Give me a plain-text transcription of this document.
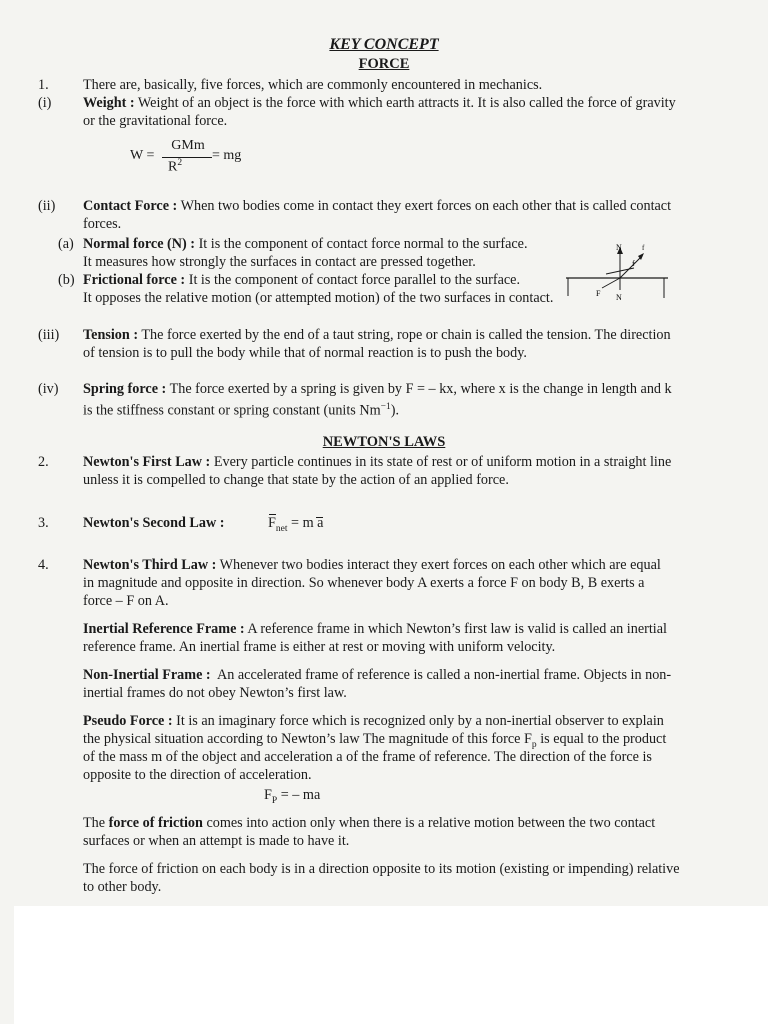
KEY CONCEPT
FORCE
1. There are, basically, five forces, which are commonly encountered in mechanics.
(i) Weight : Weight of an object is the force with which earth attracts it. It is also called the force of gravity
or the gravitational force.
W =
GMm
$R^2$ = mg
(ii) Contact Force : When two bodies come in contact they exert forces on each other that is called contact
forces.
(a) Normal force (N) : It is the component of contact force normal to the surface.
It measures how strongly the surfaces in contact are pressed together.
(b) Frictional force : It is the component of contact force parallel to the surface.
It opposes the relative motion (or attempted motion) of the two surfaces in contact.
N	f
f
F N
(iii) Tension : The force exerted by the end of a taut string, rope or chain is called the tension. The direction
of tension is to pull the body while that of normal reaction is to push the body.
(iv) Spring force : The force exerted by a spring is given by F = – kx, where x is the change in length and k
is the stiffness constant or spring constant (units $Nm^{-1}$).
NEWTON'S LAWS
2. Newton's First Law : Every particle continues in its state of rest or of uniform motion in a straight line
unless it is compelled to change that state by the action of an applied force.
3. Newton's Second Law :	$F_{net} = m$ a
4. Newton's Third Law : Whenever two bodies interact they exert forces on each other which are equal
in magnitude and opposite in direction. So whenever body A exerts a force F on body B, B exerts a
force – F on A.
Inertial Reference Frame : A reference frame in which Newton’s first law is valid is called an inertial
reference frame. An inertial frame is either at rest or moving with uniform velocity.
Non-Inertial Frame : An accelerated frame of reference is called a non-inertial frame. Objects in non-
inertial frames do not obey Newton’s first law.
Pseudo Force : It is an imaginary force which is recognized only by a non-inertial observer to explain
the physical situation according to Newton’s law The magnitude of this force $F_p$ is equal to the product
of the mass m of the object and acceleration a of the frame of reference. The direction of the force is
opposite to the direction of acceleration.
$F_P$ = – ma
The force of friction comes into action only when there is a relative motion between the two contact
surfaces or when an attempt is made to have it.
The force of friction on each body is in a direction opposite to its motion (existing or impending) relative
to other body.
